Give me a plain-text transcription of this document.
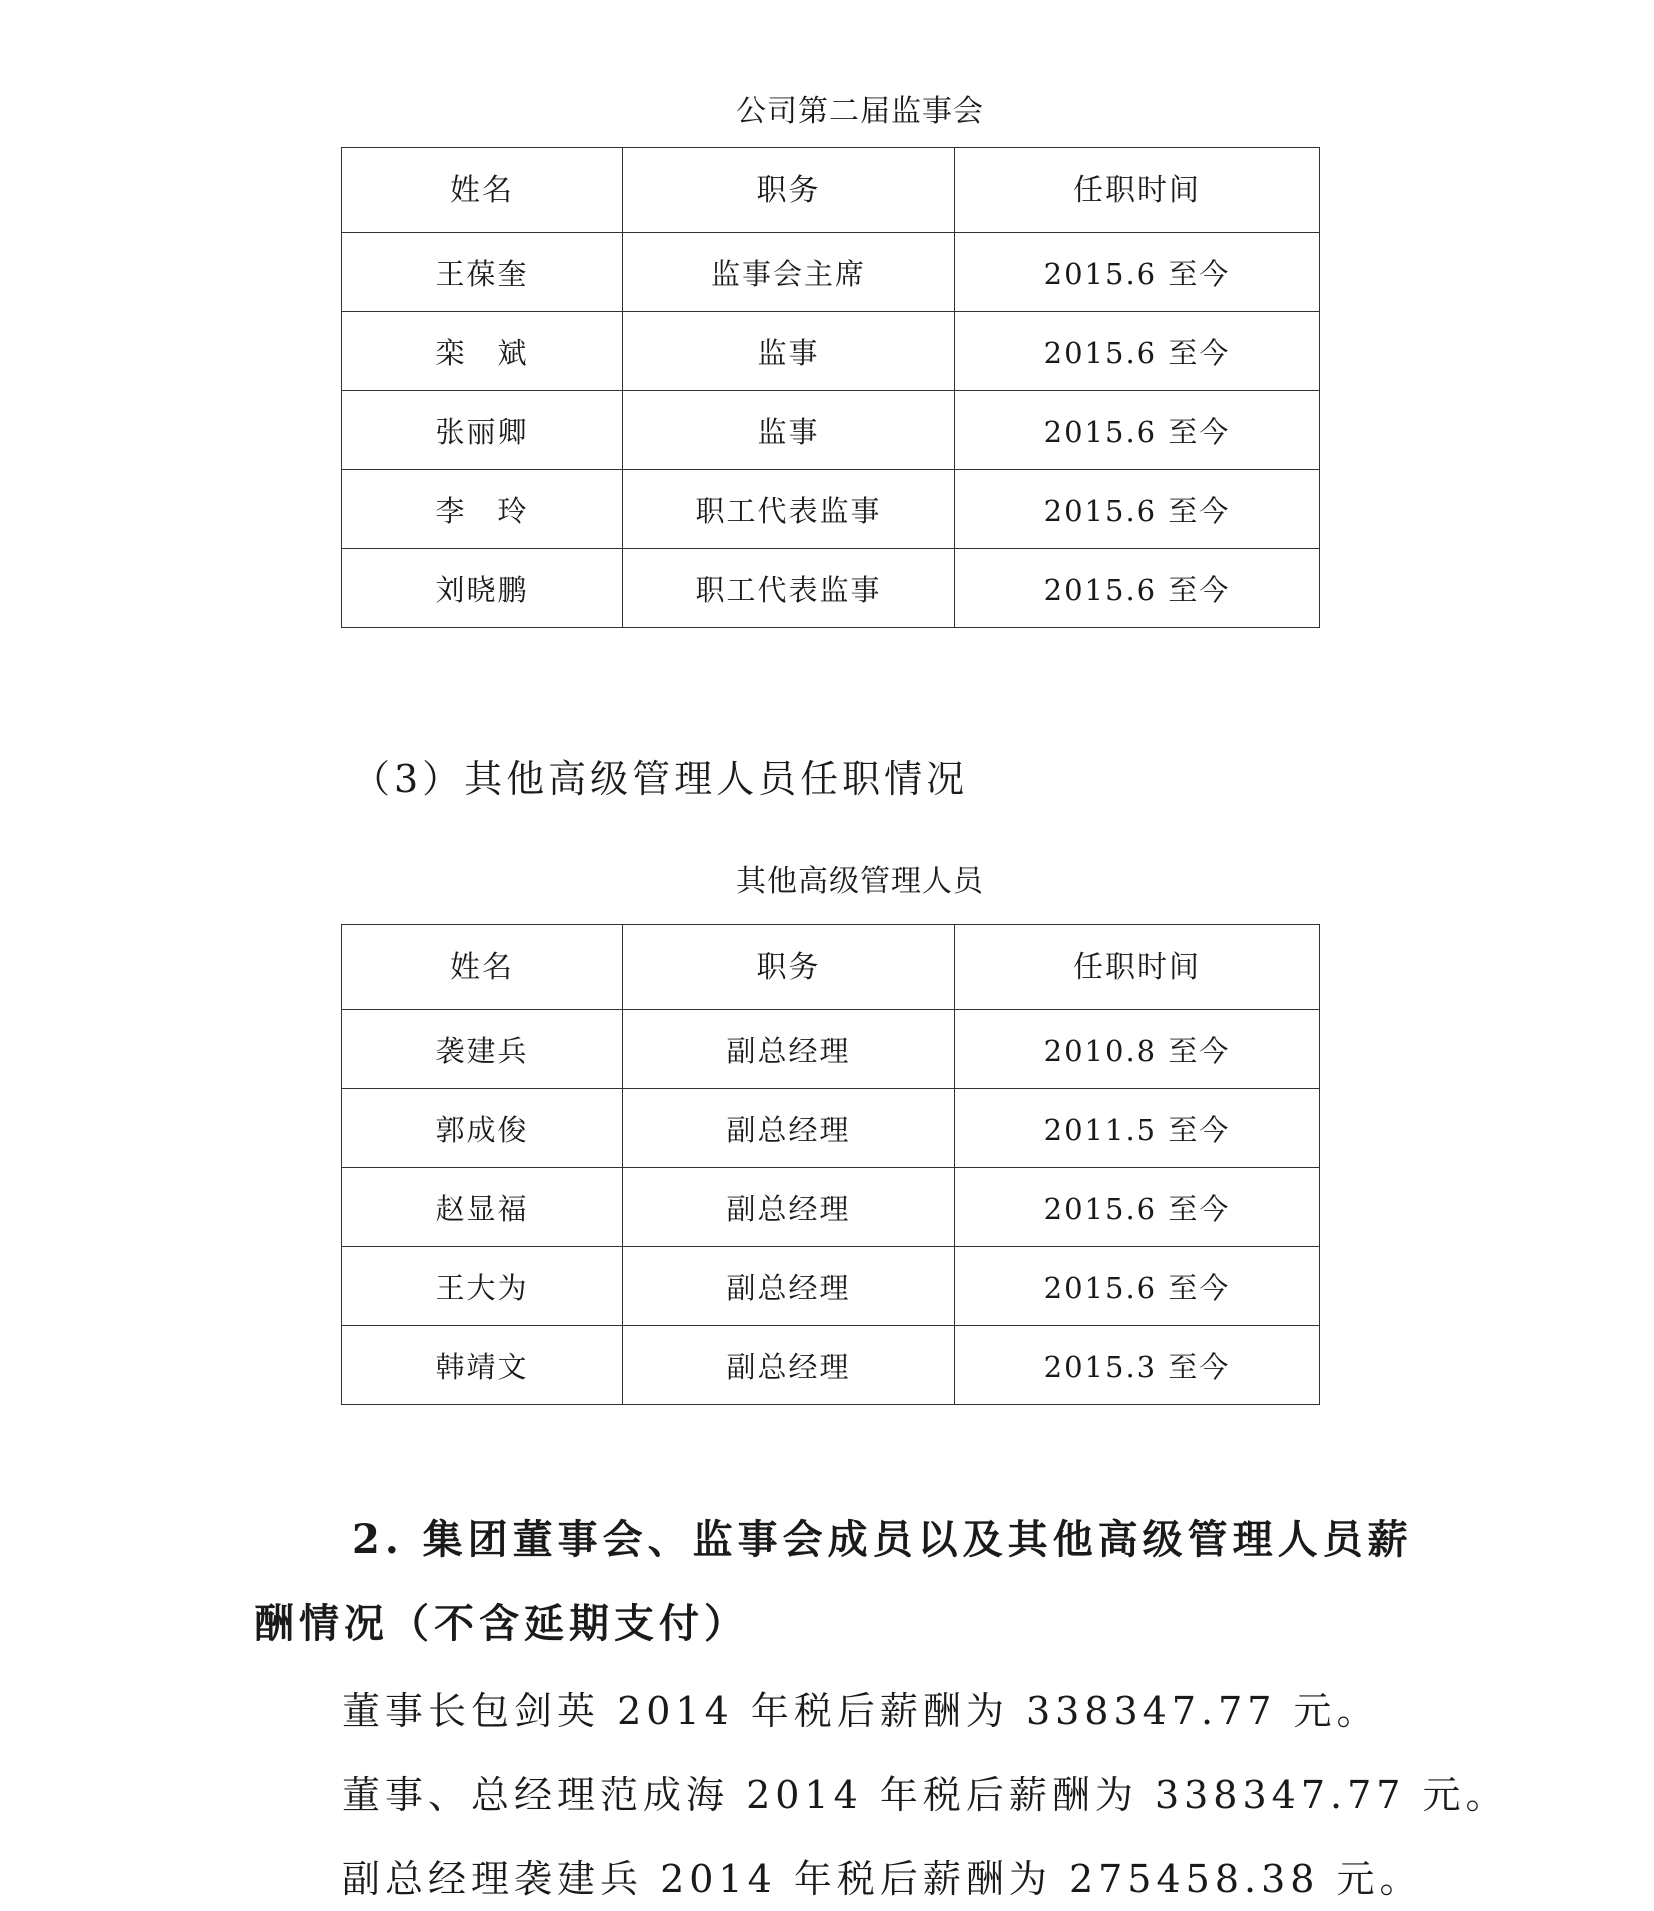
公司第二届监事会
姓名	职务	任职时间
王葆奎	监事会主席	2015.6 至今
栾　斌	监事	2015.6 至今
张丽卿	监事	2015.6 至今
李　玲	职工代表监事	2015.6 至今
刘晓鹏	职工代表监事	2015.6 至今
（3）其他高级管理人员任职情况
其他高级管理人员
姓名	职务	任职时间
袭建兵	副总经理	2010.8 至今
郭成俊	副总经理	2011.5 至今
赵显福	副总经理	2015.6 至今
王大为	副总经理	2015.6 至今
韩靖文	副总经理	2015.3 至今
2. 集团董事会、监事会成员以及其他高级管理人员薪
酬情况（不含延期支付）
董事长包剑英 2014 年税后薪酬为 338347.77 元。
董事、总经理范成海 2014 年税后薪酬为 338347.77 元。
副总经理袭建兵 2014 年税后薪酬为 275458.38 元。
